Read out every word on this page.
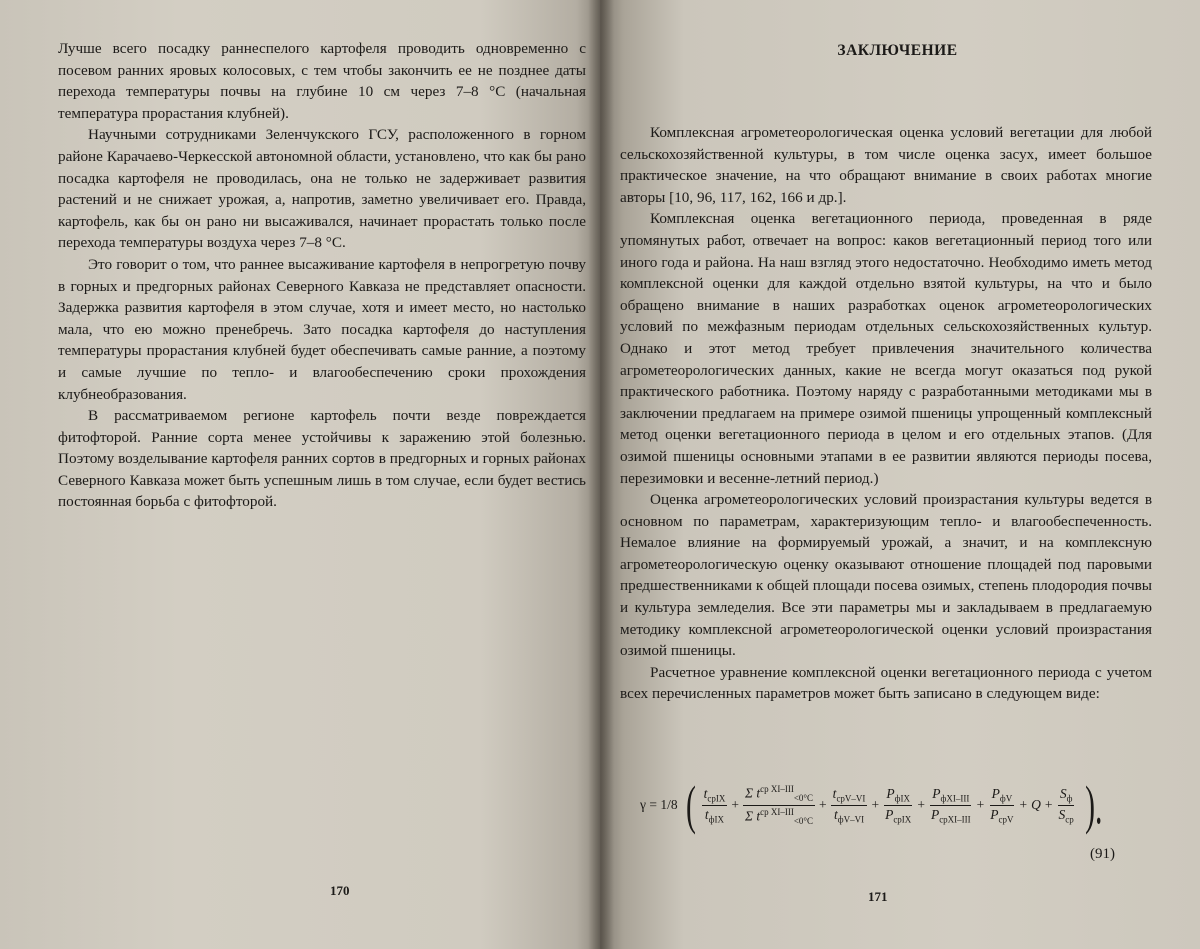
Лучше всего посадку раннеспелого картофеля проводить одновременно с посевом ранних яровых колосовых, с тем чтобы закончить ее не позднее даты перехода температуры почвы на глубине 10 см через 7–8 °С (начальная температура прорастания клубней).

Научными сотрудниками Зеленчукского ГСУ, расположенного в горном районе Карачаево-Черкесской автономной области, установлено, что как бы рано посадка картофеля не проводилась, она не только не задерживает развития растений и не снижает урожая, а, напротив, заметно увеличивает его. Правда, картофель, как бы он рано ни высаживался, начинает прорастать только после перехода температуры воздуха через 7–8 °С.

Это говорит о том, что раннее высаживание картофеля в непрогретую почву в горных и предгорных районах Северного Кавказа не представляет опасности. Задержка развития картофеля в этом случае, хотя и имеет место, но настолько мала, что ею можно пренебречь. Зато посадка картофеля до наступления температуры прорастания клубней будет обеспечивать самые ранние, а поэтому и самые лучшие по тепло- и влагообеспечению сроки прохождения клубнеобразования.

В рассматриваемом регионе картофель почти везде повреждается фитофторой. Ранние сорта менее устойчивы к заражению этой болезнью. Поэтому возделывание картофеля ранних сортов в предгорных и горных районах Северного Кавказа может быть успешным лишь в том случае, если будет вестись постоянная борьба с фитофторой.

170
ЗАКЛЮЧЕНИЕ

Комплексная агрометеорологическая оценка условий вегетации для любой сельскохозяйственной культуры, в том числе оценка засух, имеет большое практическое значение, на что обращают внимание в своих работах многие авторы [10, 96, 117, 162, 166 и др.].

Комплексная оценка вегетационного периода, проведенная в ряде упомянутых работ, отвечает на вопрос: каков вегетационный период того или иного года и района. На наш взгляд этого недостаточно. Необходимо иметь метод комплексной оценки для каждой отдельно взятой культуры, на что и было обращено внимание в наших разработках оценок агрометеорологических условий по межфазным периодам отдельных сельскохозяйственных культур. Однако и этот метод требует привлечения значительного количества агрометеорологических данных, какие не всегда могут оказаться под рукой практического работника. Поэтому наряду с разработанными методиками мы в заключении предлагаем на примере озимой пшеницы упрощенный комплексный метод оценки вегетационного периода в целом и его отдельных этапов. (Для озимой пшеницы основными этапами в ее развитии являются периоды посева, перезимовки и весенне-летний период.)

Оценка агрометеорологических условий произрастания культуры ведется в основном по параметрам, характеризующим тепло- и влагообеспеченность. Немалое влияние на формируемый урожай, а значит, и на комплексную агрометеорологическую оценку оказывают отношение площадей под паровыми предшественниками к общей площади посева озимых, степень плодородия почвы и культура земледелия. Все эти параметры мы и закладываем в предлагаемую методику комплексной агрометеорологической оценки условий произрастания озимой пшеницы.

Расчетное уравнение комплексной оценки вегетационного периода с учетом всех перечисленных параметров может быть записано в следующем виде:

γ = 1/8 ( $\frac{t_{срIX}}{t_{фIX}} + \frac{\Sigma t^{ср XI-III}_{<0^\circ C}}{\Sigma t^{ср XI-III}_{<0^\circ C}} + \frac{t_{срV-VI}}{t_{фV-VI}} + \frac{P_{фIX}}{P_{срIX}} + \frac{P_{фXI-III}}{P_{срXI-III}} + \frac{P_{фV}}{P_{срV}} + Q + \frac{S_ф}{S_{ср}}$ ).
(91)
171
